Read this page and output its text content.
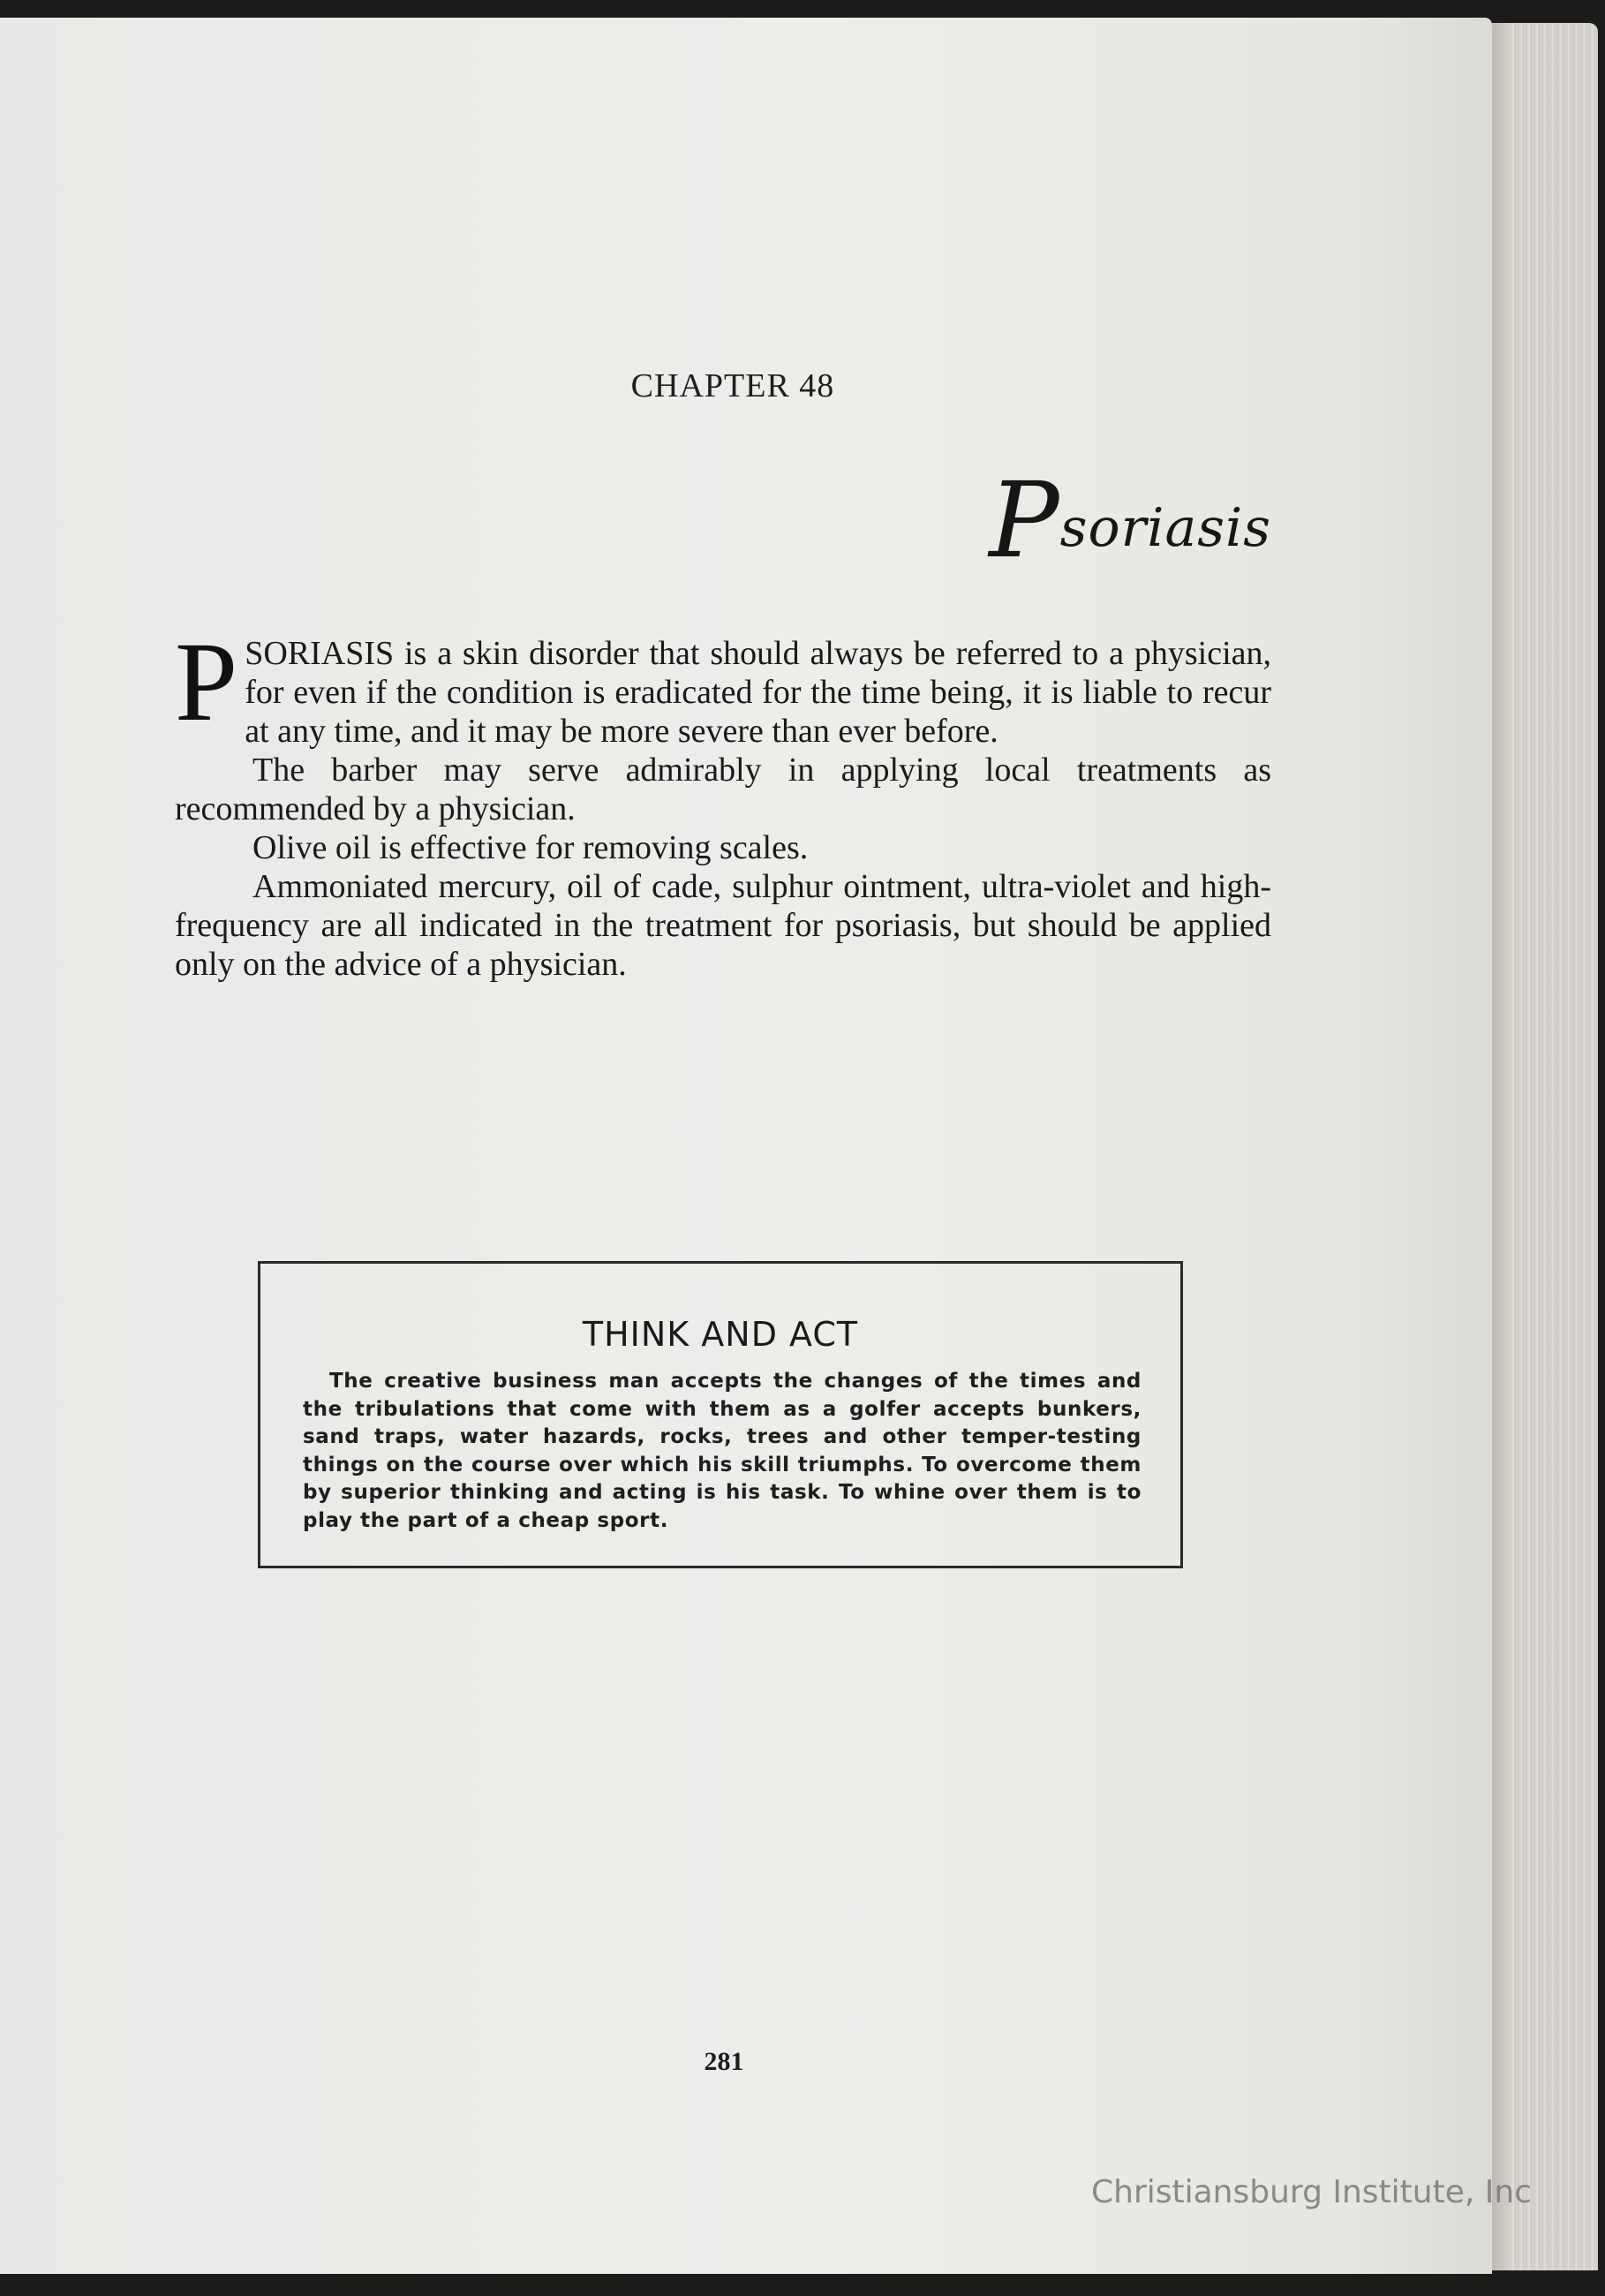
CHAPTER 48
Psoriasis

PSORIASIS is a skin disorder that should always be referred to a physician, for even if the condition is eradicated for the time being, it is liable to recur at any time, and it may be more severe than ever before.

The barber may serve admirably in applying local treatments as recommended by a physician.

Olive oil is effective for removing scales.

Ammoniated mercury, oil of cade, sulphur ointment, ultra-violet and high-frequency are all indicated in the treatment for psoriasis, but should be applied only on the advice of a physician.

THINK AND ACT
The creative business man accepts the changes of the times and the tribulations that come with them as a golfer accepts bunkers, sand traps, water hazards, rocks, trees and other temper-testing things on the course over which his skill triumphs. To overcome them by superior thinking and acting is his task. To whine over them is to play the part of a cheap sport.
281
Christiansburg Institute, Inc
